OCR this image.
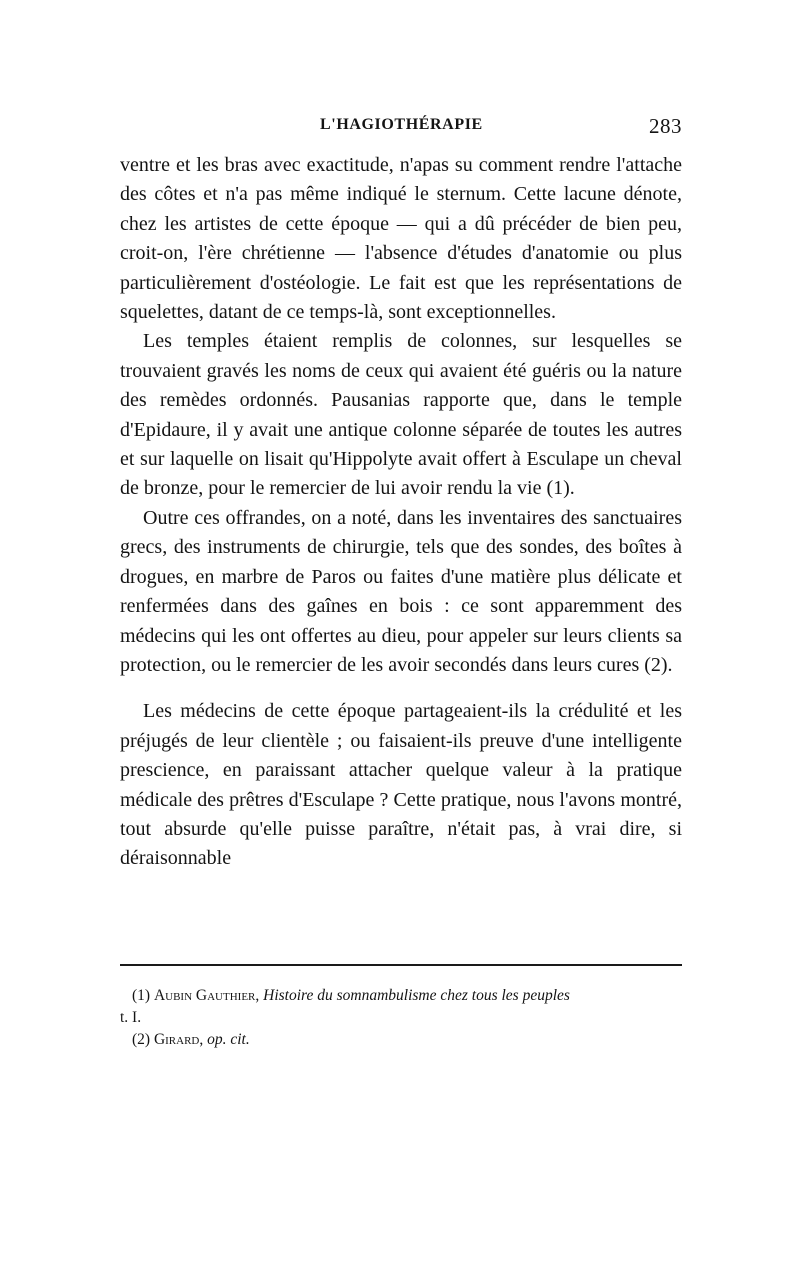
L'HAGIOTHÉRAPIE	283

ventre et les bras avec exactitude, n'apas su comment rendre l'attache des côtes et n'a pas même indiqué le sternum. Cette lacune dénote, chez les artistes de cette époque — qui a dû précéder de bien peu, croit-on, l'ère chrétienne — l'absence d'études d'anatomie ou plus particulièrement d'ostéologie. Le fait est que les représentations de squelettes, datant de ce temps-là, sont exceptionnelles.

Les temples étaient remplis de colonnes, sur lesquelles se trouvaient gravés les noms de ceux qui avaient été guéris ou la nature des remèdes ordonnés. Pausanias rapporte que, dans le temple d'Epidaure, il y avait une antique colonne séparée de toutes les autres et sur laquelle on lisait qu'Hippolyte avait offert à Esculape un cheval de bronze, pour le remercier de lui avoir rendu la vie (1).

Outre ces offrandes, on a noté, dans les inventaires des sanctuaires grecs, des instruments de chirurgie, tels que des sondes, des boîtes à drogues, en marbre de Paros ou faites d'une matière plus délicate et renfermées dans des gaînes en bois : ce sont apparemment des médecins qui les ont offertes au dieu, pour appeler sur leurs clients sa protection, ou le remercier de les avoir secondés dans leurs cures (2).

Les médecins de cette époque partageaient-ils la crédulité et les préjugés de leur clientèle ; ou faisaient-ils preuve d'une intelligente prescience, en paraissant attacher quelque valeur à la pratique médicale des prêtres d'Esculape ? Cette pratique, nous l'avons montré, tout absurde qu'elle puisse paraître, n'était pas, à vrai dire, si déraisonnable

(1) Aubin Gauthier, Histoire du somnambulisme chez tous les peuples

t. I.

(2) Girard, op. cit.
